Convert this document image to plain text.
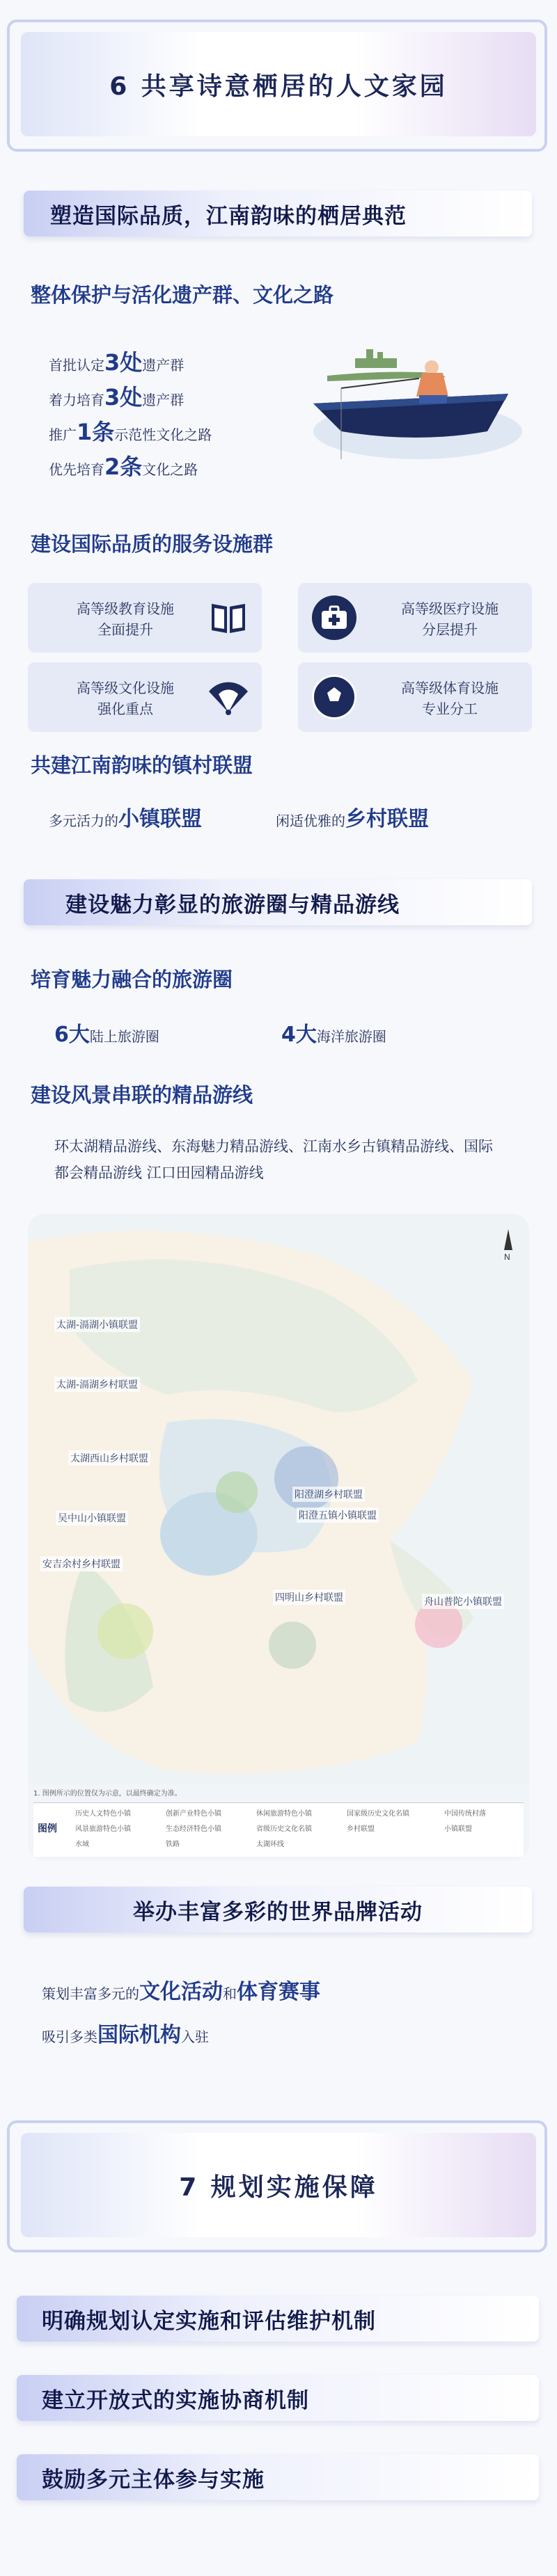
6 共享诗意栖居的人文家园
塑造国际品质，江南韵味的栖居典范
整体保护与活化遗产群、文化之路
首批认定3处遗产群
着力培育3处遗产群
推广1条示范性文化之路
优先培育2条文化之路
建设国际品质的服务设施群
高等级教育设施
全面提升
高等级医疗设施
分层提升
高等级文化设施
强化重点
高等级体育设施
专业分工
共建江南韵味的镇村联盟
多元活力的小镇联盟	闲适优雅的乡村联盟
建设魅力彰显的旅游圈与精品游线
培育魅力融合的旅游圈
6大陆上旅游圈	4大海洋旅游圈
建设风景串联的精品游线
环太湖精品游线、东海魅力精品游线、江南水乡古镇精品游线、国际
都会精品游线 江口田园精品游线
N
太湖-滆湖小镇联盟
太湖-滆湖乡村联盟
太湖西山乡村联盟
吴中山小镇联盟
安吉余村乡村联盟
四明山乡村联盟
阳澄湖乡村联盟
阳澄五镇小镇联盟
舟山普陀小镇联盟
1. 图例所示的位置仅为示意，以最终确定为准。
图例
历史人文特色小镇	创新产业特色小镇	休闲旅游特色小镇	国家级历史文化名镇	中国传统村落
风景旅游特色小镇	生态经济特色小镇	省级历史文化名镇	乡村联盟	小镇联盟
水域	铁路	太湖环线
举办丰富多彩的世界品牌活动
策划丰富多元的文化活动和体育赛事
吸引多类国际机构入驻
7 规划实施保障
明确规划认定实施和评估维护机制
建立开放式的实施协商机制
鼓励多元主体参与实施
